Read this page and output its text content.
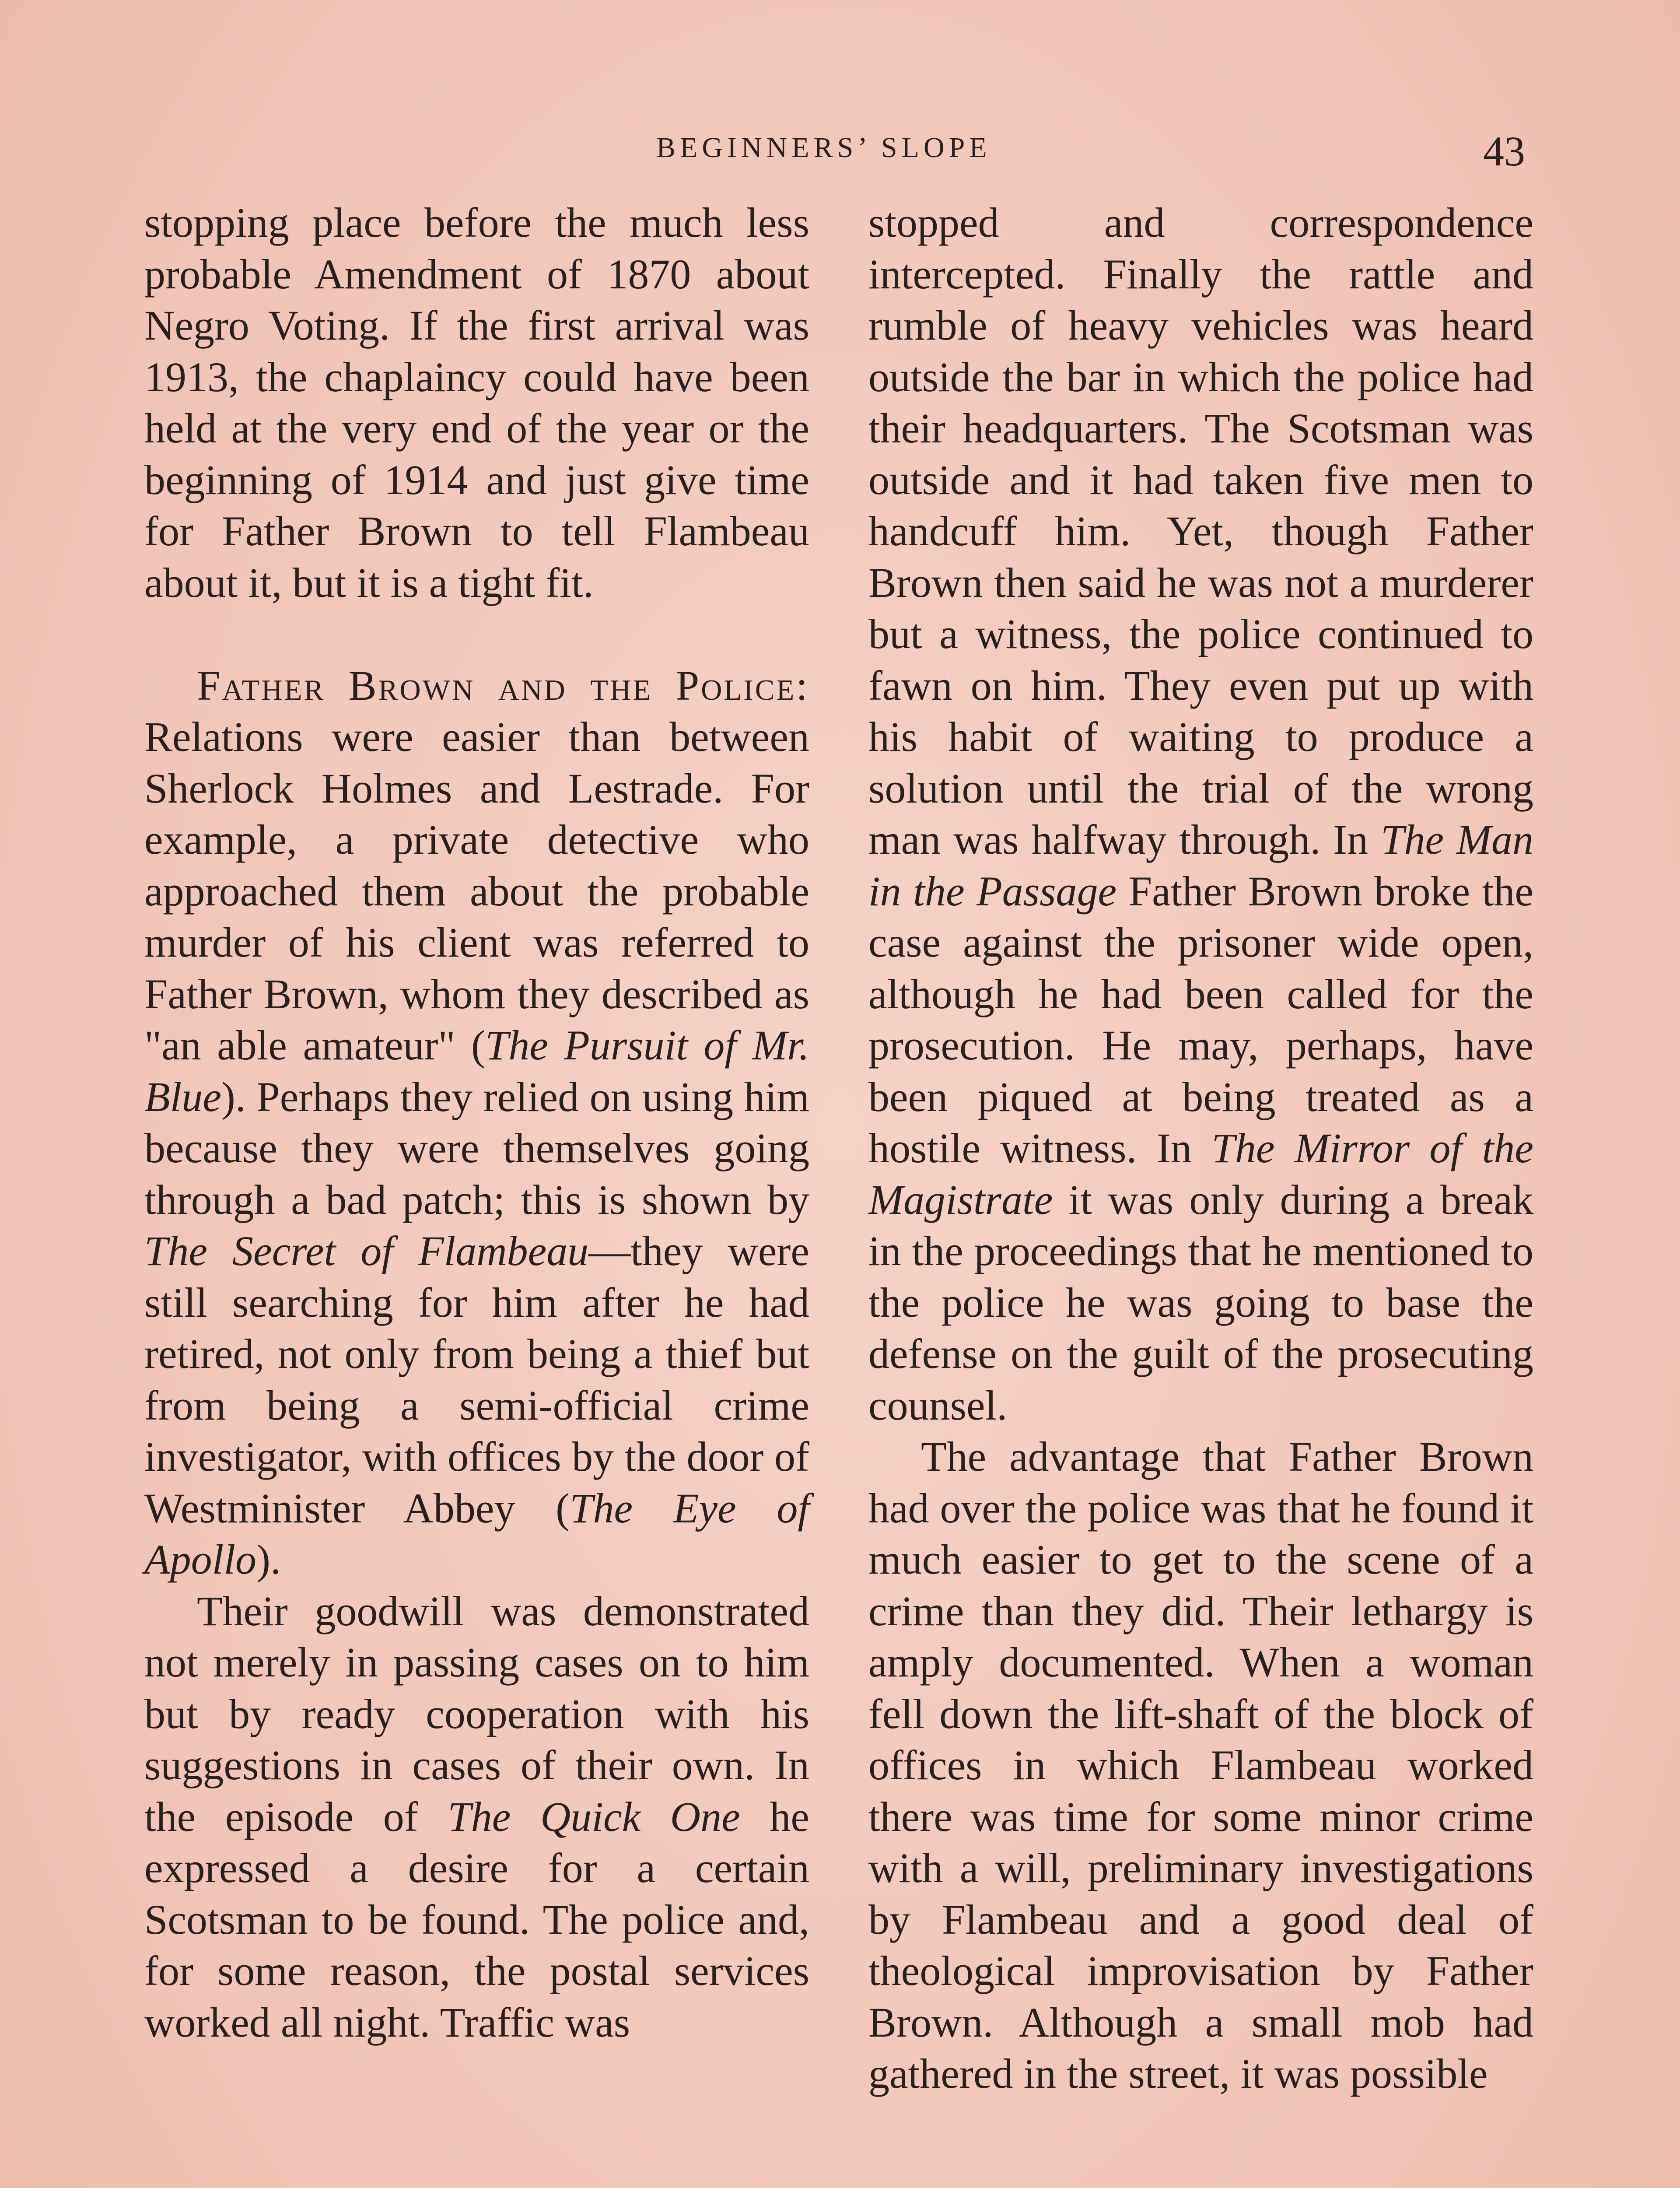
BEGINNERS’ SLOPE	43

stopping place before the much less probable Amendment of 1870 about Negro Voting. If the first arrival was 1913, the chaplaincy could have been held at the very end of the year or the beginning of 1914 and just give time for Father Brown to tell Flambeau about it, but it is a tight fit.

Father Brown and the Police: Relations were easier than between Sherlock Holmes and Lestrade. For example, a private detective who approached them about the probable murder of his client was referred to Father Brown, whom they described as "an able amateur" (The Pursuit of Mr. Blue). Perhaps they relied on using him because they were themselves going through a bad patch; this is shown by The Secret of Flambeau—they were still searching for him after he had retired, not only from being a thief but from being a semi-official crime investigator, with offices by the door of Westminister Abbey (The Eye of Apollo).

Their goodwill was demonstrated not merely in passing cases on to him but by ready cooperation with his suggestions in cases of their own. In the episode of The Quick One he expressed a desire for a certain Scotsman to be found. The police and, for some reason, the postal services worked all night. Traffic was

stopped and correspondence intercepted. Finally the rattle and rumble of heavy vehicles was heard outside the bar in which the police had their headquarters. The Scotsman was outside and it had taken five men to handcuff him. Yet, though Father Brown then said he was not a murderer but a witness, the police continued to fawn on him. They even put up with his habit of waiting to produce a solution until the trial of the wrong man was halfway through. In The Man in the Passage Father Brown broke the case against the prisoner wide open, although he had been called for the prosecution. He may, perhaps, have been piqued at being treated as a hostile witness. In The Mirror of the Magistrate it was only during a break in the proceedings that he mentioned to the police he was going to base the defense on the guilt of the prosecuting counsel.

The advantage that Father Brown had over the police was that he found it much easier to get to the scene of a crime than they did. Their lethargy is amply documented. When a woman fell down the lift-shaft of the block of offices in which Flambeau worked there was time for some minor crime with a will, preliminary investigations by Flambeau and a good deal of theological improvisation by Father Brown. Although a small mob had gathered in the street, it was possible
